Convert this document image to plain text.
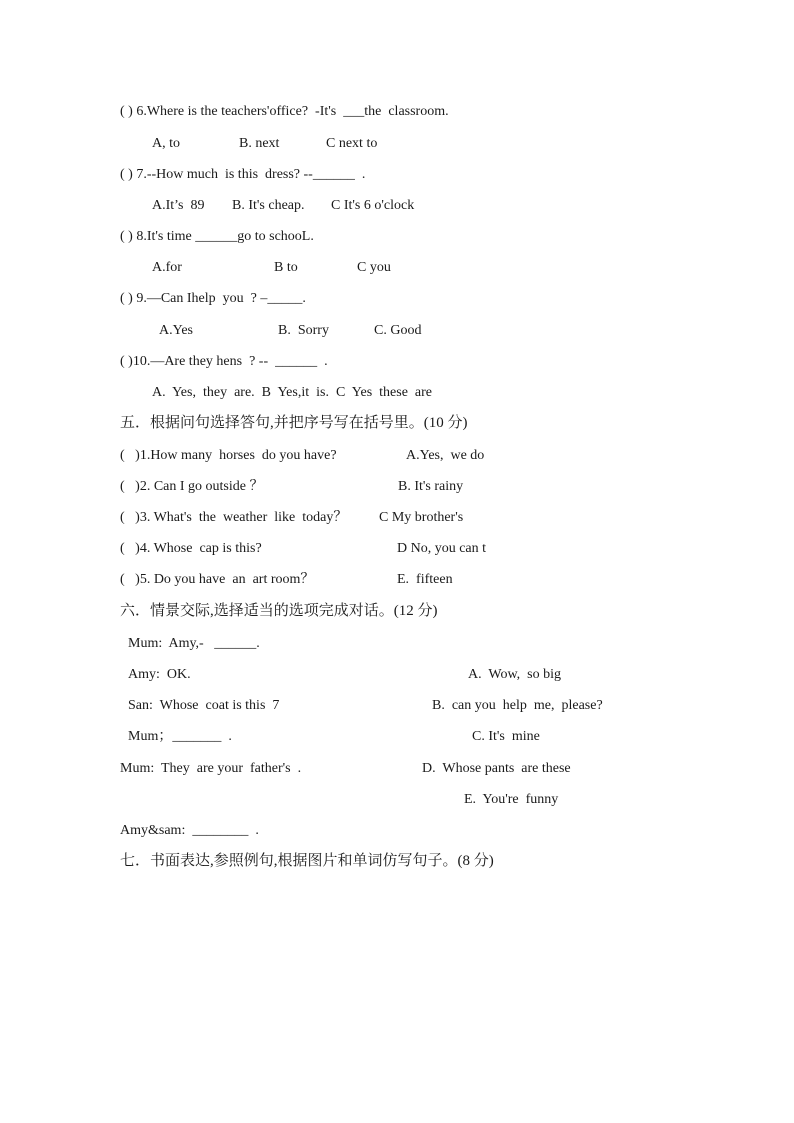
( ) 6.Where is the teachers'office?  -It's  ___the  classroom.
A, to	B. next	C next to
( ) 7.--How much  is this  dress? --______  .
A.It’s  89 B. It's cheap. C It's 6 o'clock
( ) 8.It's time ______go to schooL.
A.for	B to	C you
( ) 9.—Can Ihelp  you  ? –_____.
A.Yes	B.  Sorry	C. Good
( )10.—Are they hens  ? --  ______  .
A.  Yes,  they  are.  B  Yes,it  is.  C  Yes  these  are
五．根据问句选择答句,并把序号写在括号里。(10 分)
(   )1.How many  horses  do you have?	A.Yes,  we do
(   )2. Can I go outside ？	B. It's rainy
(   )3. What's  the  weather  like  today？ C My brother's
(   )4. Whose  cap is this?	D No, you can t
(   )5. Do you have  an  art room？	E.  fifteen
六．情景交际,选择适当的选项完成对话。(12 分)
Mum:  Amy,-   ______.
Amy:  OK.	A.  Wow,  so big
San:  Whose  coat is this  7	B.  can you  help  me,  please?
Mum；_______  .	C. It's  mine
Mum:  They  are your  father's  .	D.  Whose pants  are these
E.  You're  funny
Amy&sam:  ________  .
七．书面表达,参照例句,根据图片和单词仿写句子。(8 分)
